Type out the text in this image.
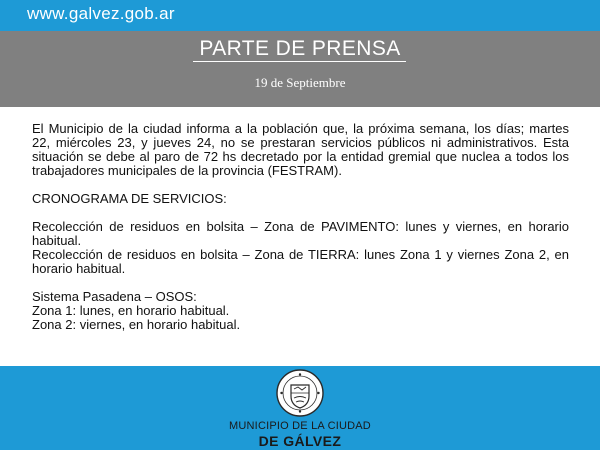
www.galvez.gob.ar
PARTE DE PRENSA
19 de Septiembre

El Municipio de la ciudad informa a la población que, la próxima semana, los días; martes 22, miércoles 23, y jueves 24, no se prestaran servicios públicos ni administrativos. Esta situación se debe al paro de 72 hs decretado por la entidad gremial que nuclea a todos los trabajadores municipales de la provincia (FESTRAM).

CRONOGRAMA DE SERVICIOS:

Recolección de residuos en bolsita – Zona de PAVIMENTO: lunes y viernes, en horario habitual.

Recolección de residuos en bolsita – Zona de TIERRA: lunes Zona 1 y viernes Zona 2, en horario habitual.

Sistema Pasadena – OSOS:

Zona 1: lunes, en horario habitual.

Zona 2: viernes, en horario habitual.

MUNICIPIO DE LA CIUDAD
DE GÁLVEZ
